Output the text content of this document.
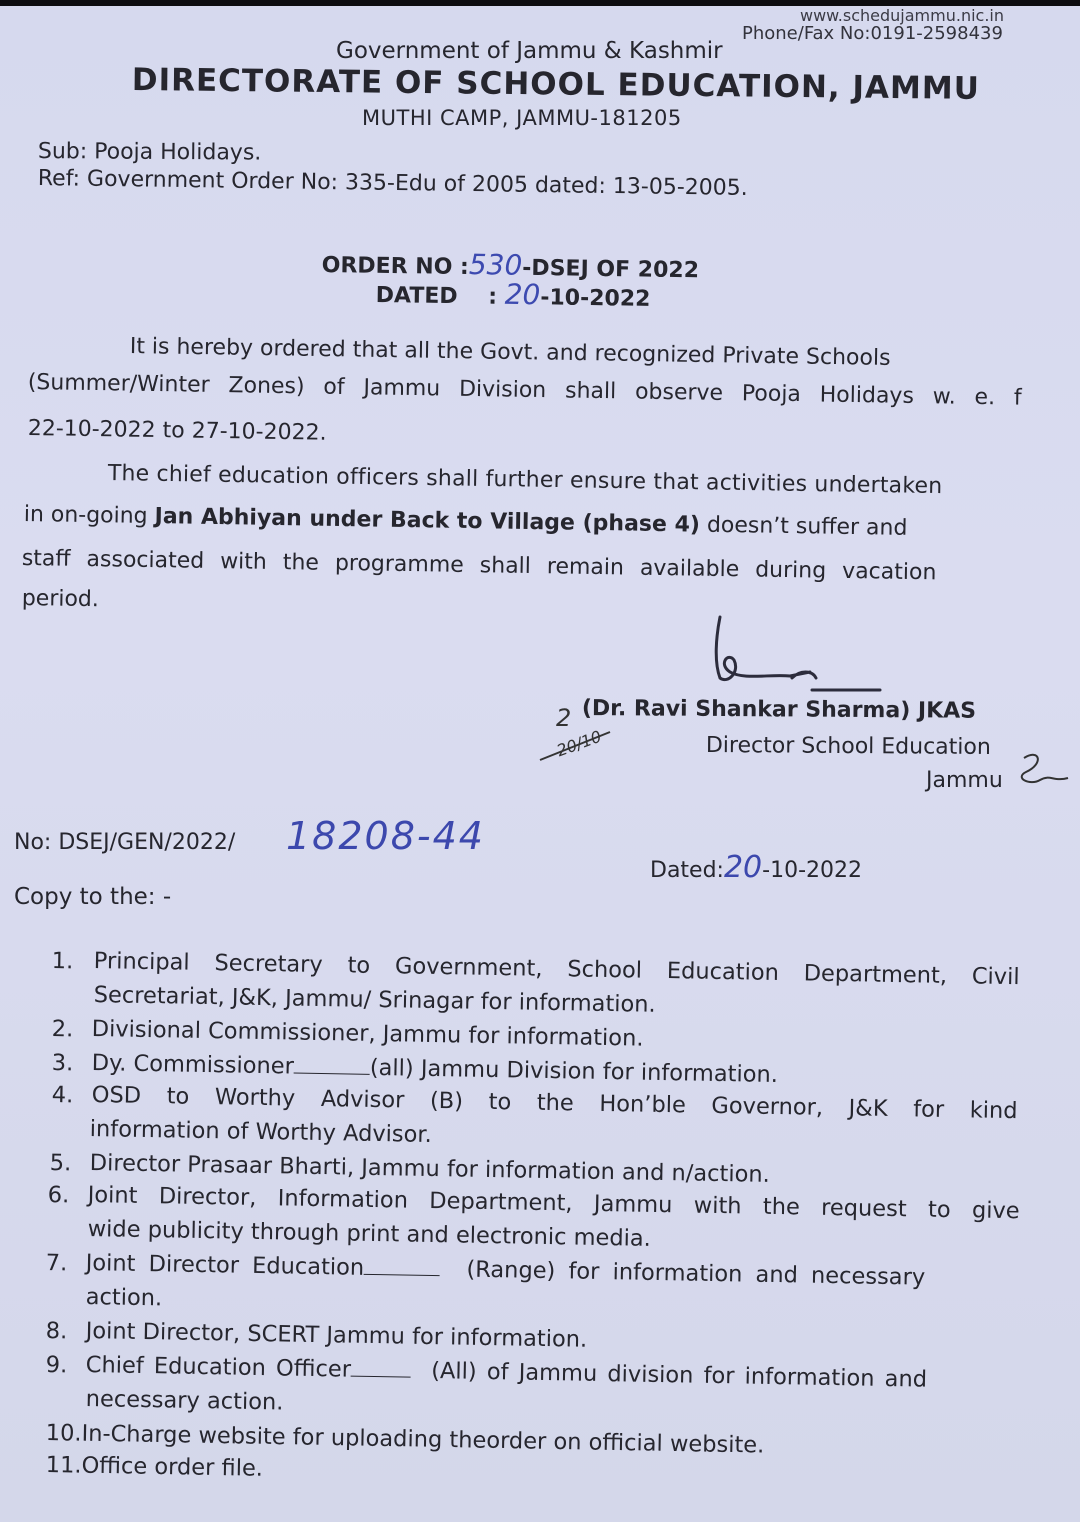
www.schedujammu.nic.in
Phone/Fax No:0191-2598439
Government of Jammu & Kashmir
DIRECTORATE OF SCHOOL EDUCATION, JAMMU
MUTHI CAMP, JAMMU-181205
Sub: Pooja Holidays.
Ref: Government Order No: 335-Edu of 2005 dated: 13-05-2005.
ORDER NO :530-DSEJ OF 2022
DATED    : 20-10-2022
It is hereby ordered that all the Govt. and recognized Private Schools
(Summer/Winter Zones) of Jammu Division shall observe Pooja Holidays w. e. f
22-10-2022 to 27-10-2022.
The chief education officers shall further ensure that activities undertaken
in on-going Jan Abhiyan under Back to Village (phase 4) doesn’t suffer and
staff associated with the programme shall remain available during vacation
period.
2
20/10
(Dr. Ravi Shankar Sharma) JKAS
Director School Education
Jammu
No: DSEJ/GEN/2022/ 18208-44
Dated:20-10-2022
Copy to the: -
1. Principal Secretary to Government, School Education Department, Civil
Secretariat, J&K, Jammu/ Srinagar for information.
2. Divisional Commissioner, Jammu for information.
3. Dy. Commissioner	(all) Jammu Division for information.
4. OSD to Worthy Advisor (B) to the Hon’ble Governor, J&K for kind
information of Worthy Advisor.
5. Director Prasaar Bharti, Jammu for information and n/action.
6. Joint Director, Information Department, Jammu with the request to give
wide publicity through print and electronic media.
7. Joint Director Education	(Range) for information and necessary
action.
8. Joint Director, SCERT Jammu for information.
9. Chief Education Officer	(All) of Jammu division for information and
necessary action.
10.In-Charge website for uploading theorder on official website.
11.Office order file.
